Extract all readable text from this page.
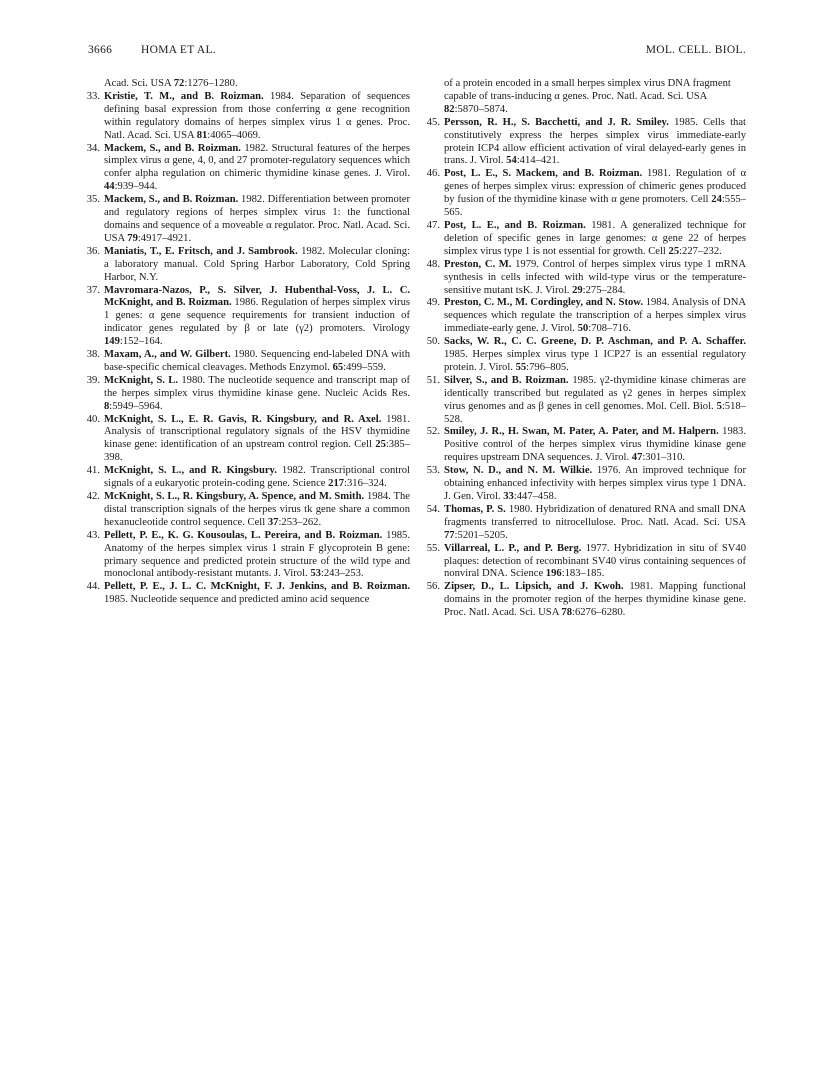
3666	HOMA ET AL.	MOL. CELL. BIOL.
Acad. Sci. USA 72:1276–1280.
33. Kristie, T. M., and B. Roizman. 1984. Separation of sequences defining basal expression from those conferring α gene recognition within regulatory domains of herpes simplex virus 1 α genes. Proc. Natl. Acad. Sci. USA 81:4065–4069.
34. Mackem, S., and B. Roizman. 1982. Structural features of the herpes simplex virus α gene, 4, 0, and 27 promoter-regulatory sequences which confer alpha regulation on chimeric thymidine kinase genes. J. Virol. 44:939–944.
35. Mackem, S., and B. Roizman. 1982. Differentiation between promoter and regulatory regions of herpes simplex virus 1: the functional domains and sequence of a moveable α regulator. Proc. Natl. Acad. Sci. USA 79:4917–4921.
36. Maniatis, T., E. Fritsch, and J. Sambrook. 1982. Molecular cloning: a laboratory manual. Cold Spring Harbor Laboratory, Cold Spring Harbor, N.Y.
37. Mavromara-Nazos, P., S. Silver, J. Hubenthal-Voss, J. L. C. McKnight, and B. Roizman. 1986. Regulation of herpes simplex virus 1 genes: α gene sequence requirements for transient induction of indicator genes regulated by β or late (γ2) promoters. Virology 149:152–164.
38. Maxam, A., and W. Gilbert. 1980. Sequencing end-labeled DNA with base-specific chemical cleavages. Methods Enzymol. 65:499–559.
39. McKnight, S. L. 1980. The nucleotide sequence and transcript map of the herpes simplex virus thymidine kinase gene. Nucleic Acids Res. 8:5949–5964.
40. McKnight, S. L., E. R. Gavis, R. Kingsbury, and R. Axel. 1981. Analysis of transcriptional regulatory signals of the HSV thymidine kinase gene: identification of an upstream control region. Cell 25:385–398.
41. McKnight, S. L., and R. Kingsbury. 1982. Transcriptional control signals of a eukaryotic protein-coding gene. Science 217:316–324.
42. McKnight, S. L., R. Kingsbury, A. Spence, and M. Smith. 1984. The distal transcription signals of the herpes virus tk gene share a common hexanucleotide control sequence. Cell 37:253–262.
43. Pellett, P. E., K. G. Kousoulas, L. Pereira, and B. Roizman. 1985. Anatomy of the herpes simplex virus 1 strain F glycoprotein B gene: primary sequence and predicted protein structure of the wild type and monoclonal antibody-resistant mutants. J. Virol. 53:243–253.
44. Pellett, P. E., J. L. C. McKnight, F. J. Jenkins, and B. Roizman. 1985. Nucleotide sequence and predicted amino acid sequence
of a protein encoded in a small herpes simplex virus DNA fragment capable of trans-inducing α genes. Proc. Natl. Acad. Sci. USA 82:5870–5874.
45. Persson, R. H., S. Bacchetti, and J. R. Smiley. 1985. Cells that constitutively express the herpes simplex virus immediate-early protein ICP4 allow efficient activation of viral delayed-early genes in trans. J. Virol. 54:414–421.
46. Post, L. E., S. Mackem, and B. Roizman. 1981. Regulation of α genes of herpes simplex virus: expression of chimeric genes produced by fusion of the thymidine kinase with α gene promoters. Cell 24:555–565.
47. Post, L. E., and B. Roizman. 1981. A generalized technique for deletion of specific genes in large genomes: α gene 22 of herpes simplex virus type 1 is not essential for growth. Cell 25:227–232.
48. Preston, C. M. 1979. Control of herpes simplex virus type 1 mRNA synthesis in cells infected with wild-type virus or the temperature-sensitive mutant tsK. J. Virol. 29:275–284.
49. Preston, C. M., M. Cordingley, and N. Stow. 1984. Analysis of DNA sequences which regulate the transcription of a herpes simplex virus immediate-early gene. J. Virol. 50:708–716.
50. Sacks, W. R., C. C. Greene, D. P. Aschman, and P. A. Schaffer. 1985. Herpes simplex virus type 1 ICP27 is an essential regulatory protein. J. Virol. 55:796–805.
51. Silver, S., and B. Roizman. 1985. γ2-thymidine kinase chimeras are identically transcribed but regulated as γ2 genes in herpes simplex virus genomes and as β genes in cell genomes. Mol. Cell. Biol. 5:518–528.
52. Smiley, J. R., H. Swan, M. Pater, A. Pater, and M. Halpern. 1983. Positive control of the herpes simplex virus thymidine kinase gene requires upstream DNA sequences. J. Virol. 47:301–310.
53. Stow, N. D., and N. M. Wilkie. 1976. An improved technique for obtaining enhanced infectivity with herpes simplex virus type 1 DNA. J. Gen. Virol. 33:447–458.
54. Thomas, P. S. 1980. Hybridization of denatured RNA and small DNA fragments transferred to nitrocellulose. Proc. Natl. Acad. Sci. USA 77:5201–5205.
55. Villarreal, L. P., and P. Berg. 1977. Hybridization in situ of SV40 plaques: detection of recombinant SV40 virus containing sequences of nonviral DNA. Science 196:183–185.
56. Zipser, D., L. Lipsich, and J. Kwoh. 1981. Mapping functional domains in the promoter region of the herpes thymidine kinase gene. Proc. Natl. Acad. Sci. USA 78:6276–6280.
